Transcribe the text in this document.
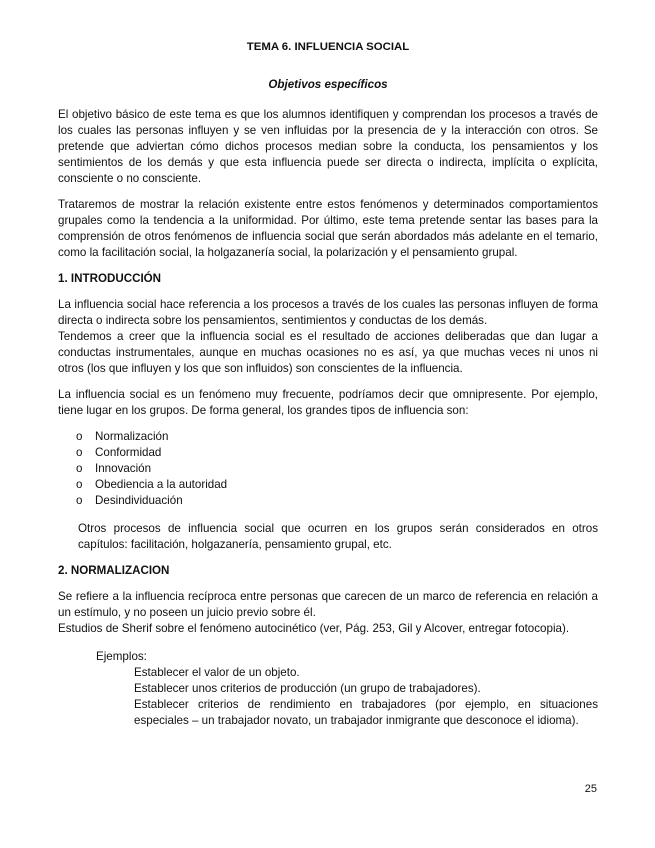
TEMA 6. INFLUENCIA SOCIAL
Objetivos específicos

El objetivo básico de este tema es que los alumnos identifiquen y comprendan los procesos a través de los cuales las personas influyen y se ven influidas por la presencia de y la interacción con otros. Se pretende que adviertan cómo dichos procesos median sobre la conducta, los pensamientos y los sentimientos de los demás y que esta influencia puede ser directa o indirecta, implícita o explícita, consciente o no consciente.

Trataremos de mostrar la relación existente entre estos fenómenos y determinados comportamientos grupales como la tendencia a la uniformidad. Por último, este tema pretende sentar las bases para la comprensión de otros fenómenos de influencia social que serán abordados más adelante en el temario, como la facilitación social, la holgazanería social, la polarización y el pensamiento grupal.

1. INTRODUCCIÓN

La influencia social hace referencia a los procesos a través de los cuales las personas influyen de forma directa o indirecta sobre los pensamientos, sentimientos y conductas de los demás.

Tendemos a creer que la influencia social es el resultado de acciones deliberadas que dan lugar a conductas instrumentales, aunque en muchas ocasiones no es así, ya que muchas veces ni unos ni otros (los que influyen y los que son influidos) son conscientes de la influencia.

La influencia social es un fenómeno muy frecuente, podríamos decir que omnipresente. Por ejemplo, tiene lugar en los grupos. De forma general, los grandes tipos de influencia son:

o Normalización
o Conformidad
o Innovación
o Obediencia a la autoridad
o Desindividuación

Otros procesos de influencia social que ocurren en los grupos serán considerados en otros capítulos: facilitación, holgazanería, pensamiento grupal, etc.

2. NORMALIZACION

Se refiere a la influencia recíproca entre personas que carecen de un marco de referencia en relación a un estímulo, y no poseen un juicio previo sobre él.

Estudios de Sherif sobre el fenómeno autocinético (ver, Pág. 253, Gil y Alcover, entregar fotocopia).

Ejemplos:
Establecer el valor de un objeto.
Establecer unos criterios de producción (un grupo de trabajadores).
Establecer criterios de rendimiento en trabajadores (por ejemplo, en situaciones especiales – un trabajador novato, un trabajador inmigrante que desconoce el idioma).
25
